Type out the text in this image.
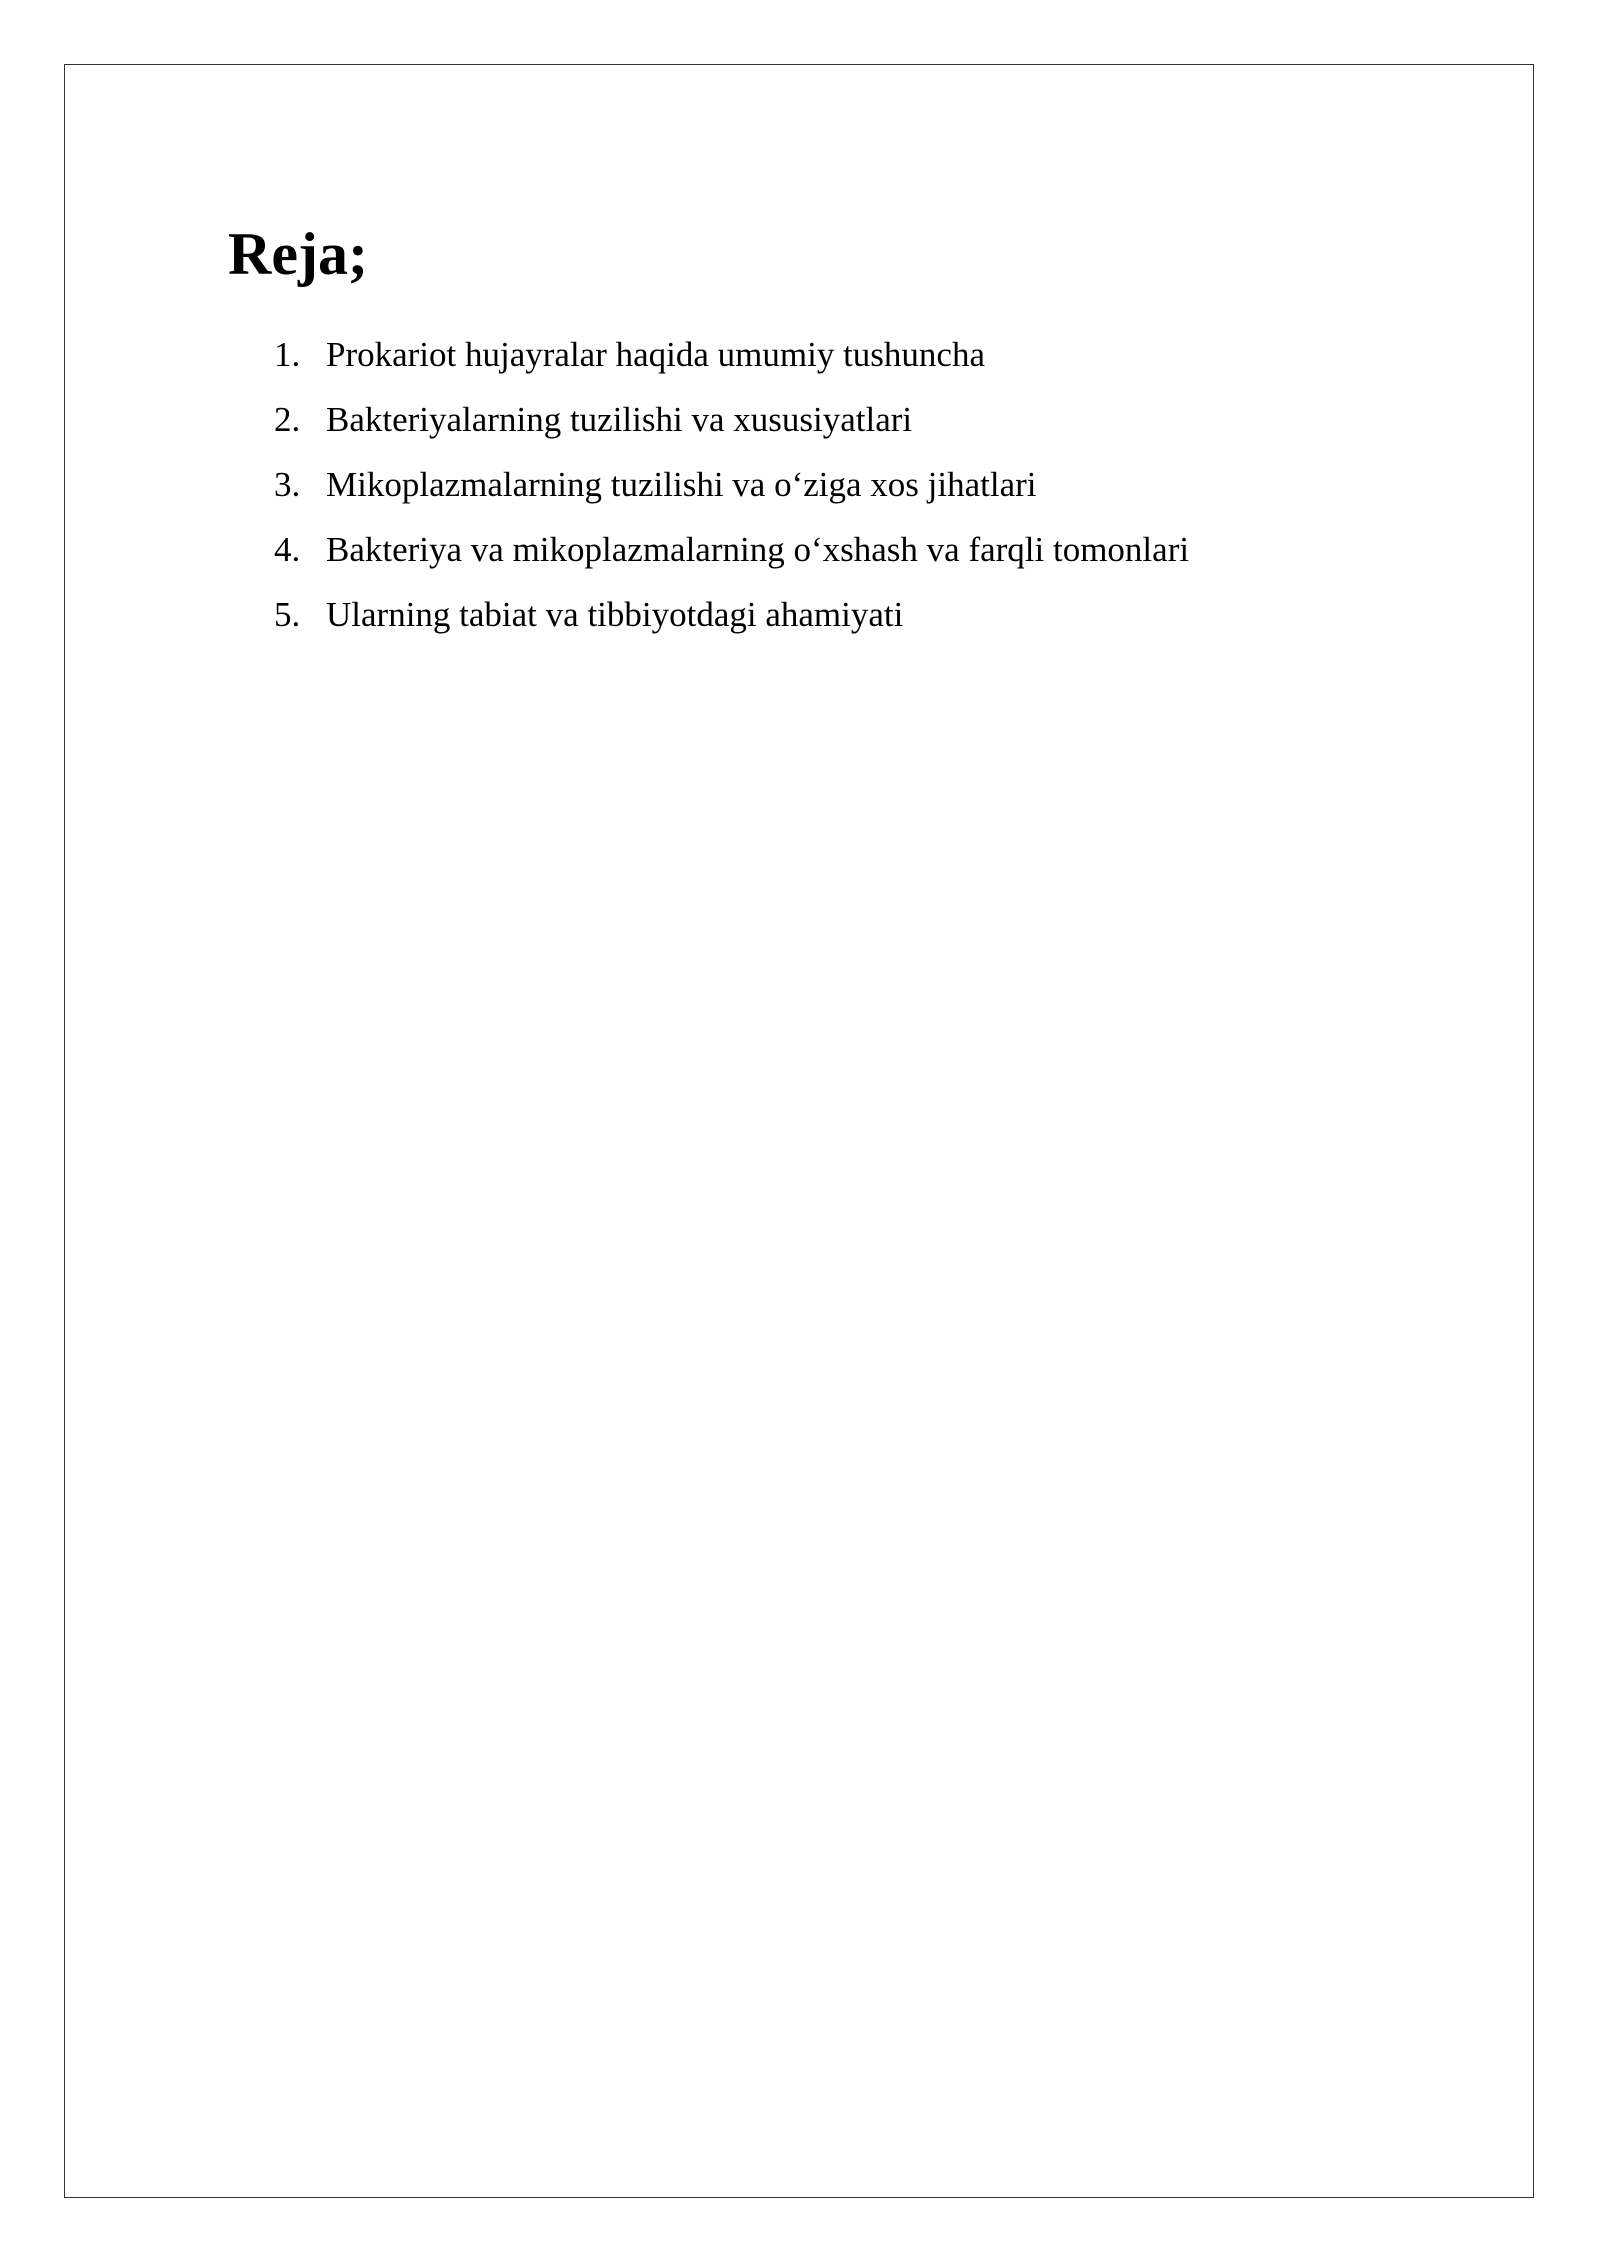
Reja;
1. Prokariot hujayralar haqida umumiy tushuncha
2. Bakteriyalarning tuzilishi va xususiyatlari
3. Mikoplazmalarning tuzilishi va o‘ziga xos jihatlari
4. Bakteriya va mikoplazmalarning o‘xshash va farqli tomonlari
5. Ularning tabiat va tibbiyotdagi ahamiyati
